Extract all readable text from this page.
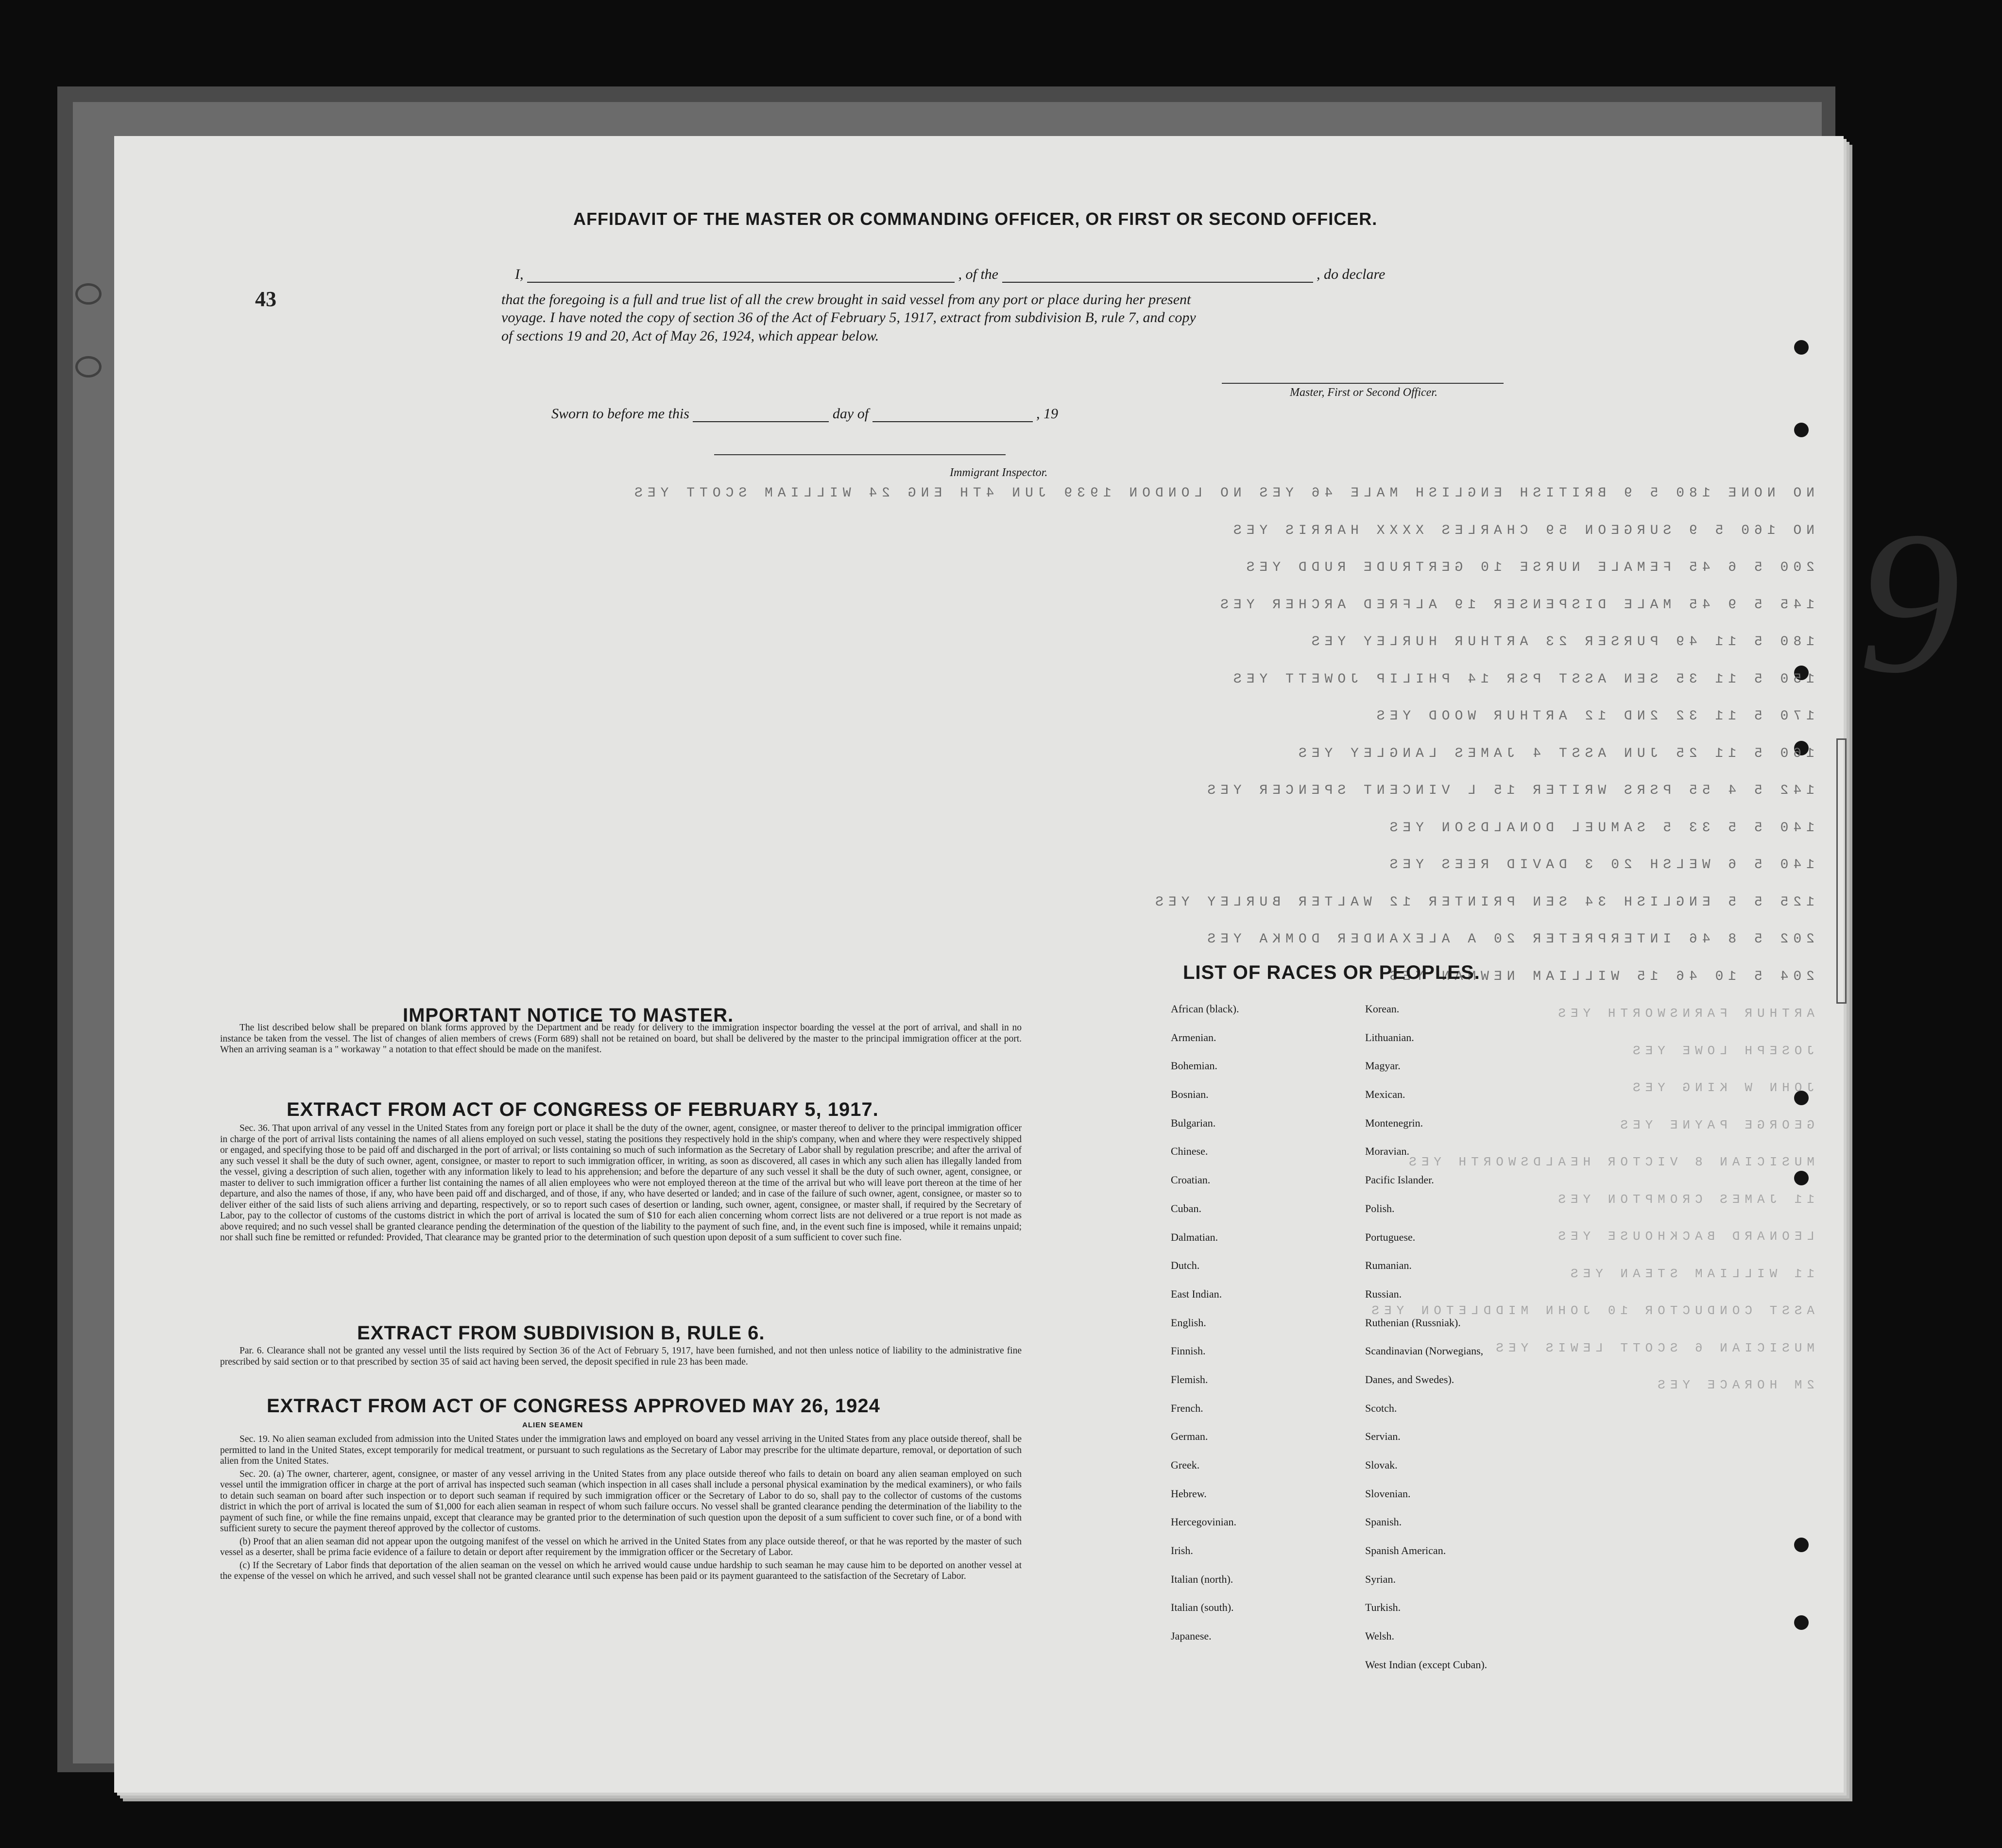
9
43
AFFIDAVIT OF THE MASTER OR COMMANDING OFFICER, OR FIRST OR SECOND OFFICER.
I,	, of the	, do declare
that the foregoing is a full and true list of all the crew brought in said vessel from any port or place during her present
voyage. I have noted the copy of section 36 of the Act of February 5, 1917, extract from subdivision B, rule 7, and copy
of sections 19 and 20, Act of May 26, 1924, which appear below.
Master, First or Second Officer.
Sworn to before me this	day of	, 19
Immigrant Inspector.
NO NONE 180 5 9 BRITISH ENGLISH MALE 46 YES NO LONDON 1939 JUN 4TH ENG 24 WILLIAM SCOTT YES
NO 160 5 9 SURGEON 59 CHARLES XXXX HARRIS YES
200 5 6 45 FEMALE NURSE 10 GERTRUDE RUDD YES
145 5 9 45 MALE DISPENSER 19 ALFRED ARCHER YES
180 5 11 49 PURSER 23 ARTHUR HURLEY YES
150 5 11 35 SEN ASST PSR 14 PHILIP JOWETT YES
170 5 11 32 2ND 12 ARTHUR WOOD YES
160 5 11 25 JUN ASST 4 JAMES LANGLEY YES
142 5 4 55 PSRS WRITER 15 L VINCENT SPENCER YES
140 5 5 33 5 SAMUEL DONALDSON YES
140 5 6 WELSH 20 3 DAVID REES YES
125 5 5 ENGLISH 34 SEN PRINTER 12 WALTER BURLEY YES
202 5 8 46 INTERPRETER 20 A ALEXANDER DOMKA YES
204 5 10 46 15 WILLIAM NEWMAN YES
ARTHUR FARNSWORTH YES
JOSEPH LOWE YES
JOHN W KING YES
GEORGE PAYNE YES
MUSICIAN 8 VICTOR HEALDSWORTH YES
11 JAMES CROMPTON YES
LEONARD BACKHOUSE YES
11 WILLIAM STEAN YES
ASST CONDUCTOR 10 JOHN MIDDLETON YES
MUSICIAN 6 SCOTT LEWIS YES
2M HORACE YES
IMPORTANT NOTICE TO MASTER.

The list described below shall be prepared on blank forms approved by the Department and be ready for delivery to the immigration inspector boarding the vessel at the port of arrival, and shall in no instance be taken from the vessel. The list of changes of alien members of crews (Form 689) shall not be retained on board, but shall be delivered by the master to the principal immigration officer at the port. When an arriving seaman is a " workaway " a notation to that effect should be made on the manifest.

EXTRACT FROM ACT OF CONGRESS OF FEBRUARY 5, 1917.

Sec. 36. That upon arrival of any vessel in the United States from any foreign port or place it shall be the duty of the owner, agent, consignee, or master thereof to deliver to the principal immigration officer in charge of the port of arrival lists containing the names of all aliens employed on such vessel, stating the positions they respectively hold in the ship's company, when and where they were respectively shipped or engaged, and specifying those to be paid off and discharged in the port of arrival; or lists containing so much of such information as the Secretary of Labor shall by regulation prescribe; and after the arrival of any such vessel it shall be the duty of such owner, agent, consignee, or master to report to such immigration officer, in writing, as soon as discovered, all cases in which any such alien has illegally landed from the vessel, giving a description of such alien, together with any information likely to lead to his apprehension; and before the departure of any such vessel it shall be the duty of such owner, agent, consignee, or master to deliver to such immigration officer a further list containing the names of all alien employees who were not employed thereon at the time of the arrival but who will leave port thereon at the time of her departure, and also the names of those, if any, who have been paid off and discharged, and of those, if any, who have deserted or landed; and in case of the failure of such owner, agent, consignee, or master so to deliver either of the said lists of such aliens arriving and departing, respectively, or so to report such cases of desertion or landing, such owner, agent, consignee, or master shall, if required by the Secretary of Labor, pay to the collector of customs of the customs district in which the port of arrival is located the sum of $10 for each alien concerning whom correct lists are not delivered or a true report is not made as above required; and no such vessel shall be granted clearance pending the determination of the question of the liability to the payment of such fine, and, in the event such fine is imposed, while it remains unpaid; nor shall such fine be remitted or refunded: Provided, That clearance may be granted prior to the determination of such question upon deposit of a sum sufficient to cover such fine.

EXTRACT FROM SUBDIVISION B, RULE 6.

Par. 6. Clearance shall not be granted any vessel until the lists required by Section 36 of the Act of February 5, 1917, have been furnished, and not then unless notice of liability to the administrative fine prescribed by said section or to that prescribed by section 35 of said act having been served, the deposit specified in rule 23 has been made.

EXTRACT FROM ACT OF CONGRESS APPROVED MAY 26, 1924
ALIEN SEAMEN

Sec. 19. No alien seaman excluded from admission into the United States under the immigration laws and employed on board any vessel arriving in the United States from any place outside thereof, shall be permitted to land in the United States, except temporarily for medical treatment, or pursuant to such regulations as the Secretary of Labor may prescribe for the ultimate departure, removal, or deportation of such alien from the United States.

Sec. 20. (a) The owner, charterer, agent, consignee, or master of any vessel arriving in the United States from any place outside thereof who fails to detain on board any alien seaman employed on such vessel until the immigration officer in charge at the port of arrival has inspected such seaman (which inspection in all cases shall include a personal physical examination by the medical examiners), or who fails to detain such seaman on board after such inspection or to deport such seaman if required by such immigration officer or the Secretary of Labor to do so, shall pay to the collector of customs of the customs district in which the port of arrival is located the sum of $1,000 for each alien seaman in respect of whom such failure occurs. No vessel shall be granted clearance pending the determination of the liability to the payment of such fine, or while the fine remains unpaid, except that clearance may be granted prior to the determination of such question upon the deposit of a sum sufficient to cover such fine, or of a bond with sufficient surety to secure the payment thereof approved by the collector of customs.

(b) Proof that an alien seaman did not appear upon the outgoing manifest of the vessel on which he arrived in the United States from any place outside thereof, or that he was reported by the master of such vessel as a deserter, shall be prima facie evidence of a failure to detain or deport after requirement by the immigration officer or the Secretary of Labor.

(c) If the Secretary of Labor finds that deportation of the alien seaman on the vessel on which he arrived would cause undue hardship to such seaman he may cause him to be deported on another vessel at the expense of the vessel on which he arrived, and such vessel shall not be granted clearance until such expense has been paid or its payment guaranteed to the satisfaction of the Secretary of Labor.

LIST OF RACES OR PEOPLES.
African (black).
Armenian.
Bohemian.
Bosnian.
Bulgarian.
Chinese.
Croatian.
Cuban.
Dalmatian.
Dutch.
East Indian.
English.
Finnish.
Flemish.
French.
German.
Greek.
Hebrew.
Hercegovinian.
Irish.
Italian (north).
Italian (south).
Japanese.
Korean.
Lithuanian.
Magyar.
Mexican.
Montenegrin.
Moravian.
Pacific Islander.
Polish.
Portuguese.
Rumanian.
Russian.
Ruthenian (Russniak).
Scandinavian (Norwegians,
Danes, and Swedes).
Scotch.
Servian.
Slovak.
Slovenian.
Spanish.
Spanish American.
Syrian.
Turkish.
Welsh.
West Indian (except Cuban).
